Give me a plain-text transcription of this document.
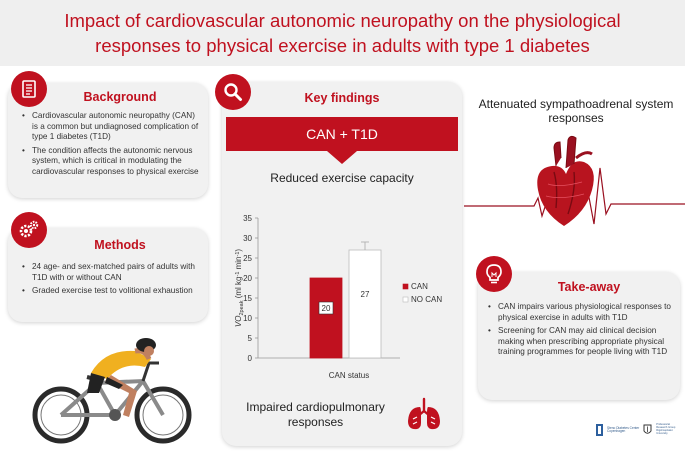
Impact of cardiovascular autonomic neuropathy on the physiological responses to physical exercise in adults with type 1 diabetes
Background
• Cardiovascular autonomic neuropathy (CAN) is a common but undiagnosed complication of type 1 diabetes (T1D)
• The condition affects the autonomic nervous system, which is critical in modulating the cardiovascular responses to physical exercise
Methods
• 24 age- and sex-matched pairs of adults with T1D with or without CAN
• Graded exercise test to volitional exhaustion
Key findings
CAN + T1D
Reduced exercise capacity
0
5
10
15
20
25
30
35
VO2peak (ml kg-1 min-1)
20
27
CAN status
CAN
NO CAN
Impaired cardiopulmonary
responses
Attenuated sympathoadrenal system
responses
Take-away
• CAN impairs various physiological responses to physical exercise in adults with T1D
• Screening for CAN may aid clinical decision making when prescribing appropriate physical training programmes for people living with T1D
Steno Diabetes Center
Copenhagen
Professorial
Research Group
Rigshospitalet
University
